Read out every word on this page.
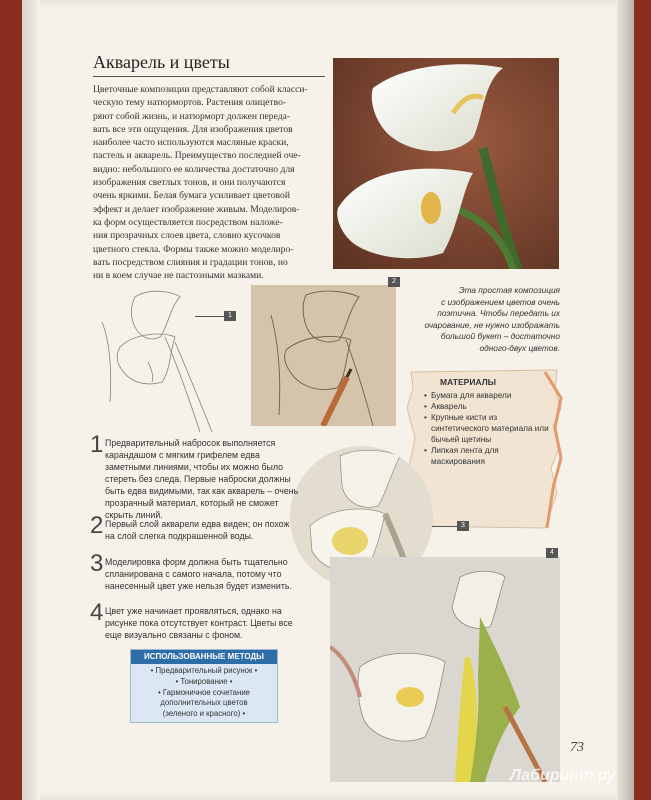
Акварель и цветы

Цветочные композиции представляют собой класси-
ческую тему натюрмортов. Растения олицетво-
ряют собой жизнь, и натюрморт должен переда-
вать все эти ощущения. Для изображения цветов
наиболее часто используются масляные краски,
пастель и акварель. Преимущество последней оче-
видно: небольшого ее количества достаточно для
изображения светлых тонов, и они получаются
очень яркими. Белая бумага усиливает цветовой
эффект и делает изображение живым. Моделиров-
ка форм осуществляется посредством наложе-
ния прозрачных слоев цвета, словно кусочков
цветного стекла. Формы также можно моделиро-
вать посредством слияния и градации тонов, но
ни в коем случае не пастозными мазками.

Эта простая композиция
с изображением цветов очень
поэтична. Чтобы передать их
очарование, не нужно изображать
большой букет – достаточно
одного-двух цветов.

1
2
МАТЕРИАЛЫ
• Бумага для акварели
• Акварель
• Крупные кисти из синтетического материала или бычьей щетины
• Липкая лента для маскирования
3
1 Предварительный набросок выполняется карандашом с мягким грифелем едва заметными линиями, чтобы их можно было стереть без следа. Первые наброски должны быть едва видимыми, так как акварель – очень прозрачный материал, который не сможет скрыть линий.
2 Первый слой акварели едва виден; он похож на слой слегка подкрашенной воды.
3 Моделировка форм должна быть тщательно спланирована с самого начала, потому что нанесенный цвет уже нельзя будет изменить.
4 Цвет уже начинает проявляться, однако на рисунке пока отсутствует контраст. Цветы все еще визуально связаны с фоном.
ИСПОЛЬЗОВАННЫЕ МЕТОДЫ
• Предварительный рисунок •
• Тонирование •
• Гармоничное сочетание
дополнительных цветов
(зеленого и красного) •
4
73
Лабиринт.ру
